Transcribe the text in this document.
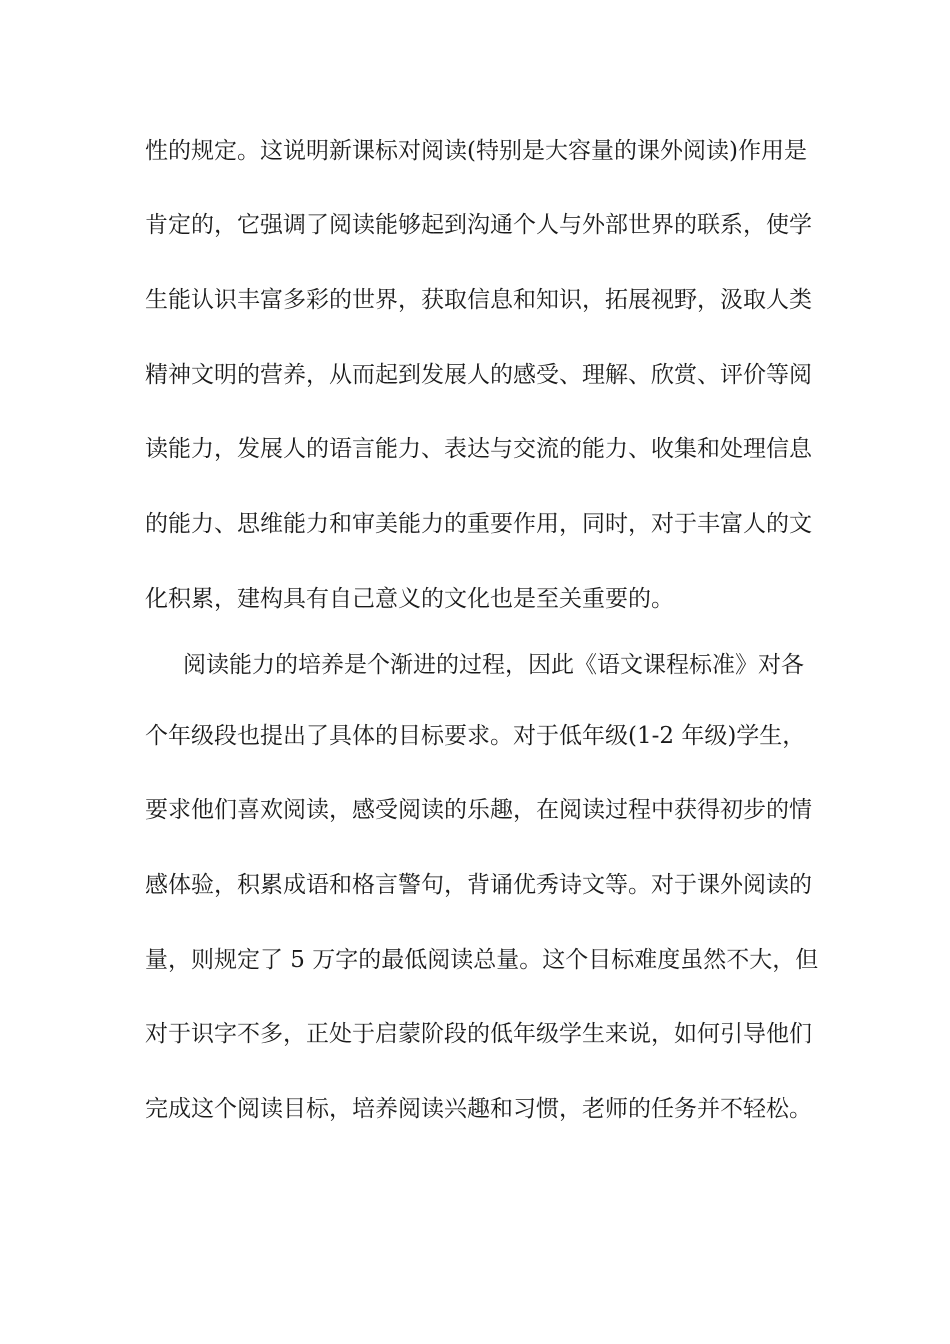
性的规定。这说明新课标对阅读(特别是大容量的课外阅读)作用是
肯定的，它强调了阅读能够起到沟通个人与外部世界的联系，使学
生能认识丰富多彩的世界，获取信息和知识，拓展视野，汲取人类
精神文明的营养，从而起到发展人的感受、理解、欣赏、评价等阅
读能力，发展人的语言能力、表达与交流的能力、收集和处理信息
的能力、思维能力和审美能力的重要作用，同时，对于丰富人的文
化积累，建构具有自己意义的文化也是至关重要的。
阅读能力的培养是个渐进的过程，因此《语文课程标准》对各
个年级段也提出了具体的目标要求。对于低年级(1-2 年级)学生，
要求他们喜欢阅读，感受阅读的乐趣，在阅读过程中获得初步的情
感体验，积累成语和格言警句，背诵优秀诗文等。对于课外阅读的
量，则规定了 5 万字的最低阅读总量。这个目标难度虽然不大，但
对于识字不多，正处于启蒙阶段的低年级学生来说，如何引导他们
完成这个阅读目标，培养阅读兴趣和习惯，老师的任务并不轻松。
